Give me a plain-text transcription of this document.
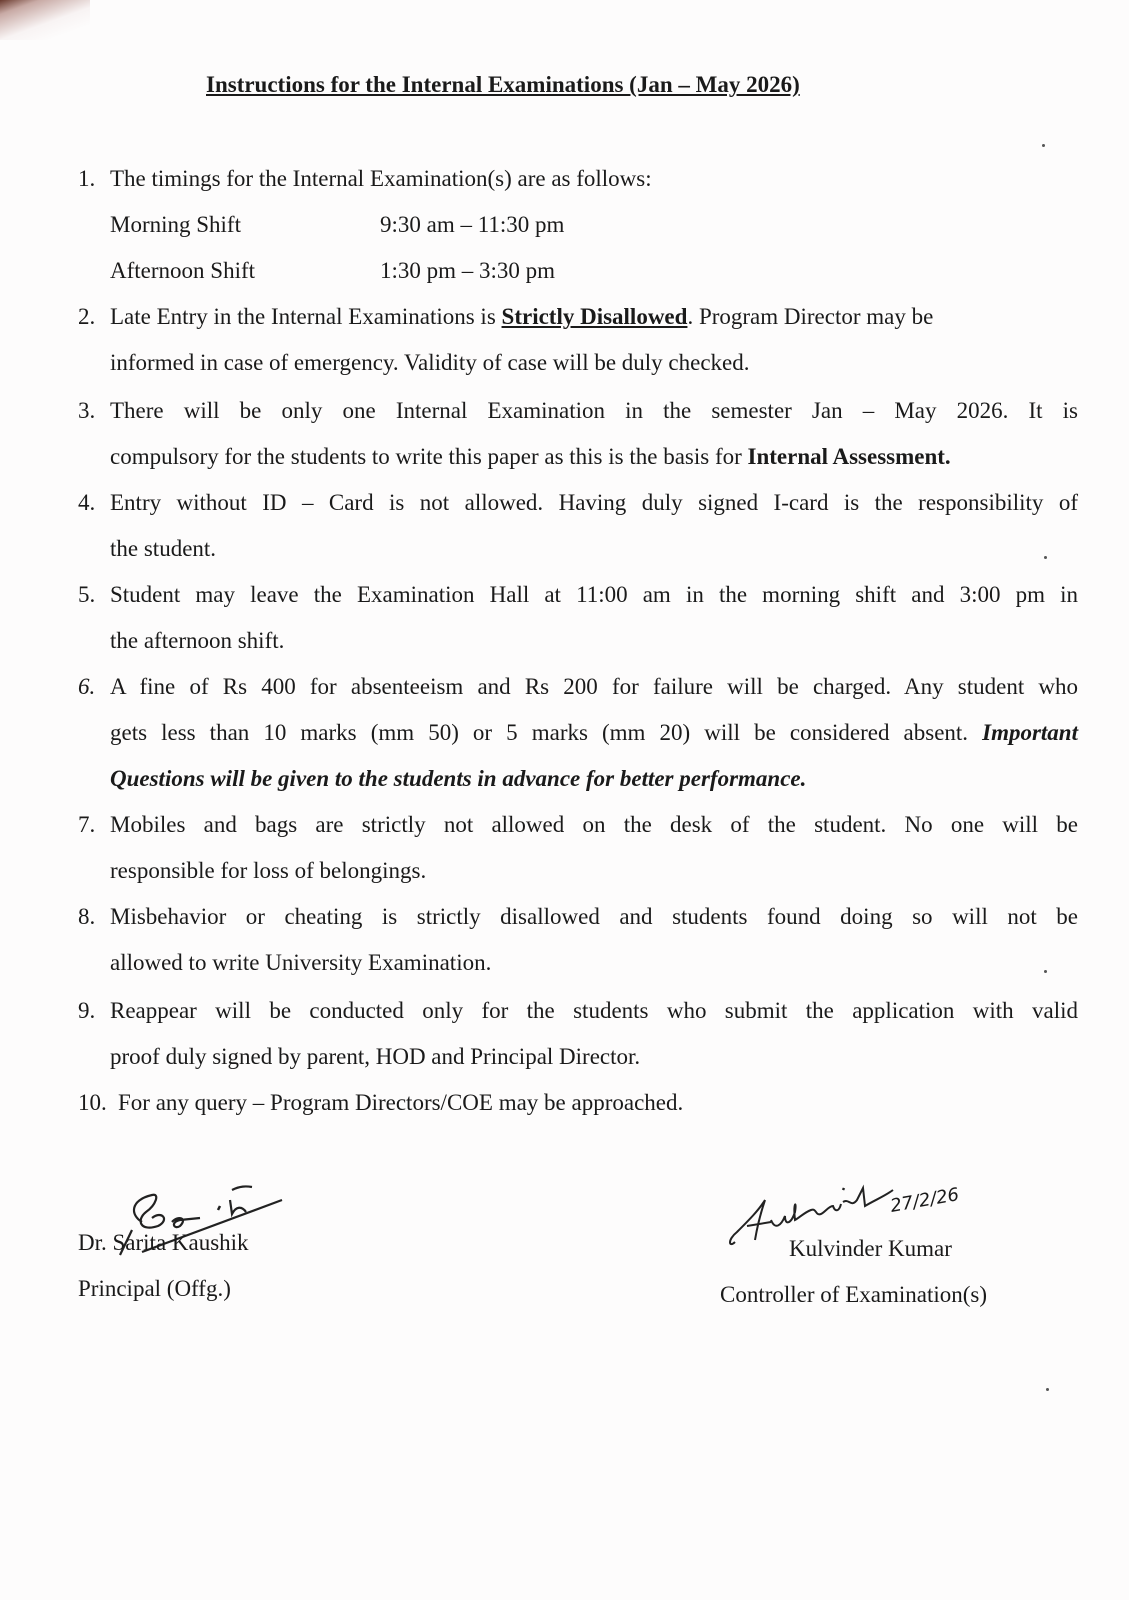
Instructions for the Internal Examinations (Jan – May 2026)
1. The timings for the Internal Examination(s) are as follows:
Morning Shift	9:30 am – 11:30 pm
Afternoon Shift	1:30 pm – 3:30 pm
2. Late Entry in the Internal Examinations is Strictly Disallowed. Program Director may be
informed in case of emergency. Validity of case will be duly checked.
3. There will be only one Internal Examination in the semester Jan – May 2026. It is
compulsory for the students to write this paper as this is the basis for Internal Assessment.
4. Entry without ID – Card is not allowed. Having duly signed I-card is the responsibility of
the student.
5. Student may leave the Examination Hall at 11:00 am in the morning shift and 3:00 pm in
the afternoon shift.
6. A fine of Rs 400 for absenteeism and Rs 200 for failure will be charged. Any student who
gets less than 10 marks (mm 50) or 5 marks (mm 20) will be considered absent. Important
Questions will be given to the students in advance for better performance.
7. Mobiles and bags are strictly not allowed on the desk of the student. No one will be
responsible for loss of belongings.
8. Misbehavior or cheating is strictly disallowed and students found doing so will not be
allowed to write University Examination.
9. Reappear will be conducted only for the students who submit the application with valid
proof duly signed by parent, HOD and Principal Director.
10. For any query – Program Directors/COE may be approached.
Dr. Sarita Kaushik
Principal (Offg.)
27/2/26
Kulvinder Kumar
Controller of Examination(s)
